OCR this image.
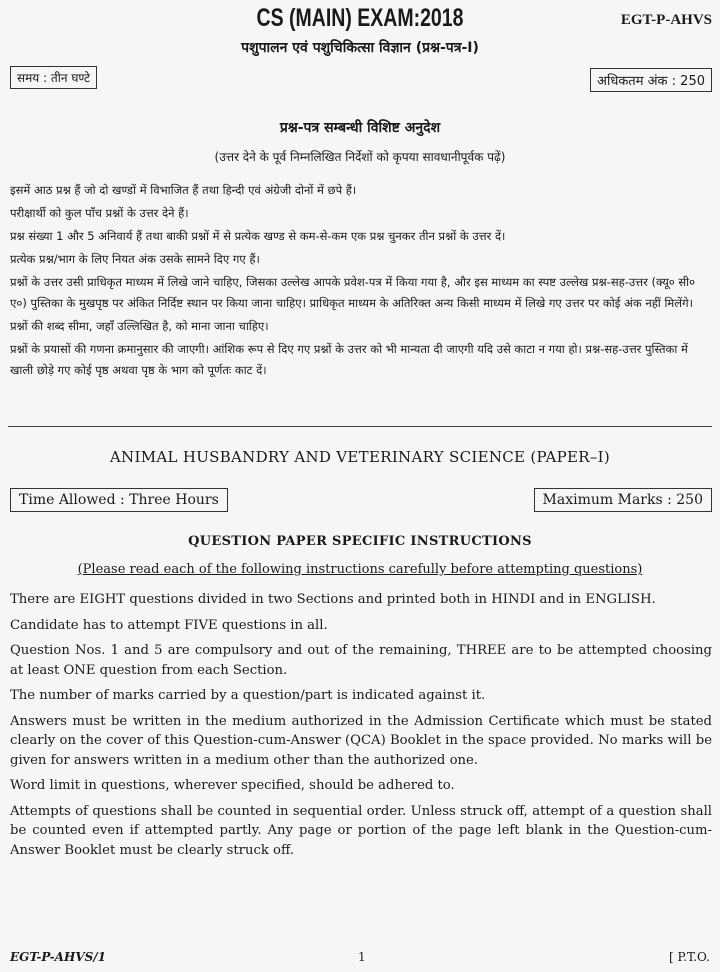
CS (MAIN) EXAM:2018	EGT-P-AHVS
पशुपालन एवं पशुचिकित्सा विज्ञान (प्रश्न-पत्र-I)
समय : तीन घण्टे	अधिकतम अंक : 250
प्रश्न-पत्र सम्बन्धी विशिष्ट अनुदेश
(उत्तर देने के पूर्व निम्नलिखित निर्देशों को कृपया सावधानीपूर्वक पढ़ें)

इसमें आठ प्रश्न हैं जो दो खण्डों में विभाजित हैं तथा हिन्दी एवं अंग्रेजी दोनों में छपे हैं।

परीक्षार्थी को कुल पाँच प्रश्नों के उत्तर देने हैं।

प्रश्न संख्या 1 और 5 अनिवार्य हैं तथा बाकी प्रश्नों में से प्रत्येक खण्ड से कम-से-कम एक प्रश्न चुनकर तीन प्रश्नों के उत्तर दें।

प्रत्येक प्रश्न/भाग के लिए नियत अंक उसके सामने दिए गए हैं।

प्रश्नों के उत्तर उसी प्राधिकृत माध्यम में लिखे जाने चाहिए, जिसका उल्लेख आपके प्रवेश-पत्र में किया गया है, और इस माध्यम का स्पष्ट उल्लेख प्रश्न-सह-उत्तर (क्यू० सी० ए०) पुस्तिका के मुखपृष्ठ पर अंकित निर्दिष्ट स्थान पर किया जाना चाहिए। प्राधिकृत माध्यम के अतिरिक्त अन्य किसी माध्यम में लिखे गए उत्तर पर कोई अंक नहीं मिलेंगे।

प्रश्नों की शब्द सीमा, जहाँ उल्लिखित है, को माना जाना चाहिए।

प्रश्नों के प्रयासों की गणना क्रमानुसार की जाएगी। आंशिक रूप से दिए गए प्रश्नों के उत्तर को भी मान्यता दी जाएगी यदि उसे काटा न गया हो। प्रश्न-सह-उत्तर पुस्तिका में खाली छोड़े गए कोई पृष्ठ अथवा पृष्ठ के भाग को पूर्णतः काट दें।

ANIMAL HUSBANDRY AND VETERINARY SCIENCE (PAPER–I)
Time Allowed : Three Hours	Maximum Marks : 250
QUESTION PAPER SPECIFIC INSTRUCTIONS
(Please read each of the following instructions carefully before attempting questions)

There are EIGHT questions divided in two Sections and printed both in HINDI and in ENGLISH.

Candidate has to attempt FIVE questions in all.

Question Nos. 1 and 5 are compulsory and out of the remaining, THREE are to be attempted choosing at least ONE question from each Section.

The number of marks carried by a question/part is indicated against it.

Answers must be written in the medium authorized in the Admission Certificate which must be stated clearly on the cover of this Question-cum-Answer (QCA) Booklet in the space provided. No marks will be given for answers written in a medium other than the authorized one.

Word limit in questions, wherever specified, should be adhered to.

Attempts of questions shall be counted in sequential order. Unless struck off, attempt of a question shall be counted even if attempted partly. Any page or portion of the page left blank in the Question-cum-Answer Booklet must be clearly struck off.

EGT-P-AHVS/1	1	[ P.T.O.
